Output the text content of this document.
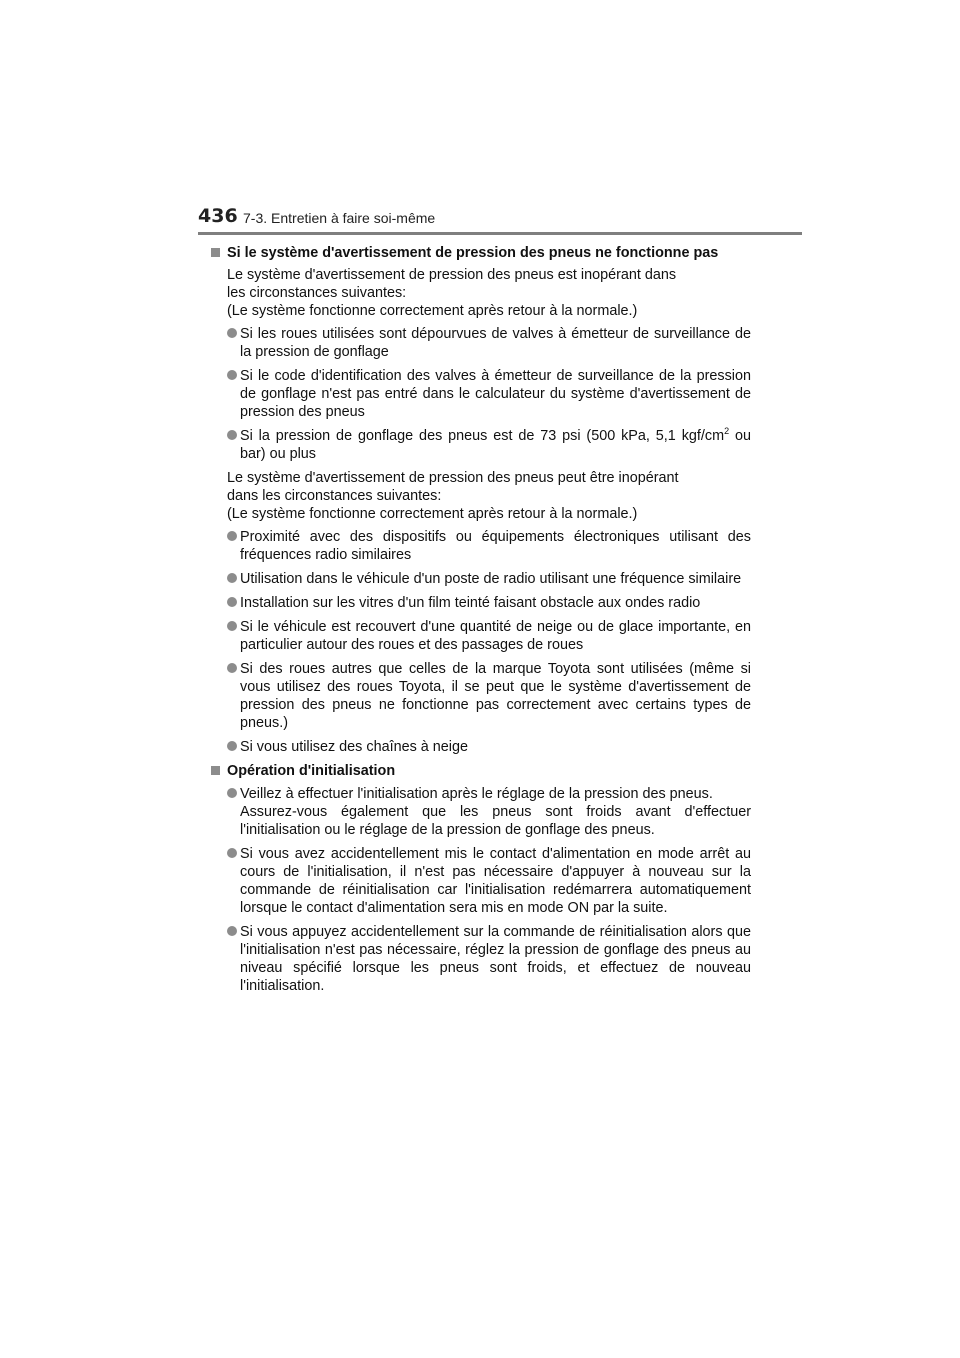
436 7-3. Entretien à faire soi-même
Si le système d'avertissement de pression des pneus ne fonctionne pas
Le système d'avertissement de pression des pneus est inopérant dans
les circonstances suivantes:
(Le système fonctionne correctement après retour à la normale.)
Si les roues utilisées sont dépourvues de valves à émetteur de surveillance de la pression de gonflage
Si le code d'identification des valves à émetteur de surveillance de la pression de gonflage n'est pas entré dans le calculateur du système d'avertissement de pression des pneus
Si la pression de gonflage des pneus est de 73 psi (500 kPa, 5,1 kgf/$cm^2$ ou bar) ou plus
Le système d'avertissement de pression des pneus peut être inopérant
dans les circonstances suivantes:
(Le système fonctionne correctement après retour à la normale.)
Proximité avec des dispositifs ou équipements électroniques utilisant des fréquences radio similaires
Utilisation dans le véhicule d'un poste de radio utilisant une fréquence similaire
Installation sur les vitres d'un film teinté faisant obstacle aux ondes radio
Si le véhicule est recouvert d'une quantité de neige ou de glace importante, en particulier autour des roues et des passages de roues
Si des roues autres que celles de la marque Toyota sont utilisées (même si vous utilisez des roues Toyota, il se peut que le système d'avertissement de pression des pneus ne fonctionne pas correctement avec certains types de pneus.)
Si vous utilisez des chaînes à neige
Opération d'initialisation
Veillez à effectuer l'initialisation après le réglage de la pression des pneus.
Assurez-vous également que les pneus sont froids avant d'effectuer l'initialisation ou le réglage de la pression de gonflage des pneus.
Si vous avez accidentellement mis le contact d'alimentation en mode arrêt au cours de l'initialisation, il n'est pas nécessaire d'appuyer à nouveau sur la commande de réinitialisation car l'initialisation redémarrera automatiquement lorsque le contact d'alimentation sera mis en mode ON par la suite.
Si vous appuyez accidentellement sur la commande de réinitialisation alors que l'initialisation n'est pas nécessaire, réglez la pression de gonflage des pneus au niveau spécifié lorsque les pneus sont froids, et effectuez de nouveau l'initialisation.
